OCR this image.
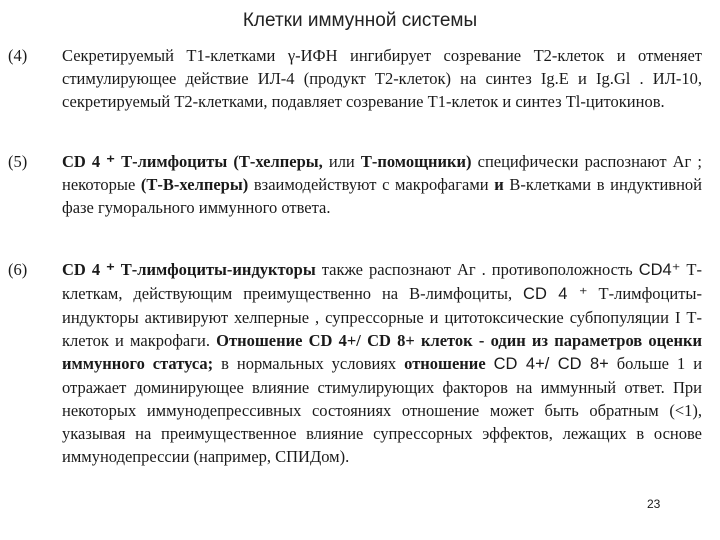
Клетки иммунной системы
(4) Секретируемый Т1-клетками γ-ИФН ингибирует созревание Т2-клеток и отменяет стимулирующее действие ИЛ-4 (продукт Т2-клеток) на синтез Ig.E и Ig.Gl . ИЛ-10, секретируемый Т2-клетками, подавляет созревание Т1-клеток и синтез Тl-цитокинов.

(5) CD 4 ⁺ Т-лимфоциты (Т-хелперы, или Т-помощники) специфически распознают Аг ; некоторые (Т-В-хелперы) взаимодействуют с макрофагами и В-клетками в индуктивной фазе гуморального иммунного ответа.

(6) CD 4 ⁺ Т-лимфоциты-индукторы также распознают Аг . противоположность CD4⁺ Т-клеткам, действующим преимущественно на В-лимфоциты, CD 4 ⁺ Т-лимфоциты-индукторы активируют хелперные , супрессорные и цитотоксические субпопуляции I Т-клеток и макрофаги. Отношение CD 4+/ CD 8+ клеток - один из параметров оценки иммунного статуса; в нормальных условиях отношение CD 4+/ CD 8+ больше 1 и отражает доминирующее влияние стимулирующих факторов на иммунный ответ. При некоторых иммунодепрессивных состояниях отношение может быть обратным (<1), указывая на преимущественное влияние супрессорных эффектов, лежащих в основе иммунодепрессии (например, СПИДом).

23
